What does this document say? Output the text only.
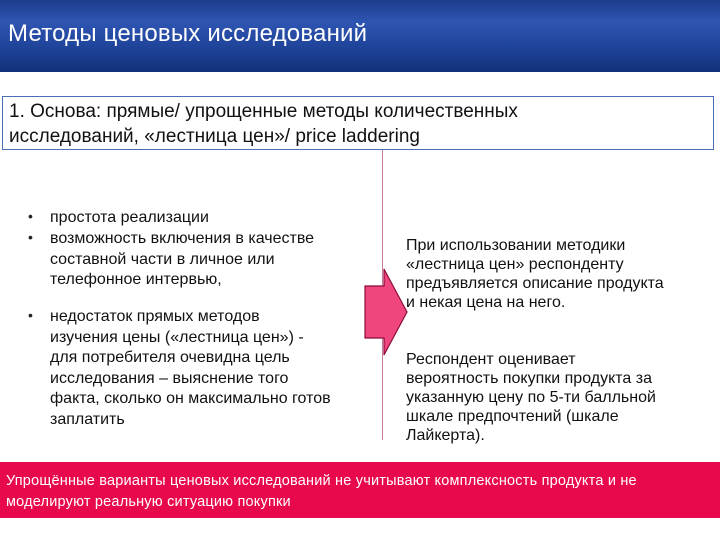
Методы ценовых исследований
1. Основа: прямые/ упрощенные методы количественных
исследований, «лестница цен»/ price laddering
• простота реализации
• возможность включения в качестве
составной части в личное или
телефонное интервью,
• недостаток прямых методов
изучения цены («лестница цен») -
для потребителя очевидна цель
исследования – выяснение того
факта, сколько он максимально готов
заплатить
При использовании методики
«лестница цен» респонденту
предъявляется описание продукта
и некая цена на него.
Респондент оценивает
вероятность покупки продукта за
указанную цену по 5-ти балльной
шкале предпочтений (шкале
Лайкерта).
Упрощённые варианты ценовых исследований не учитывают комплексность продукта и не
моделируют реальную ситуацию покупки
